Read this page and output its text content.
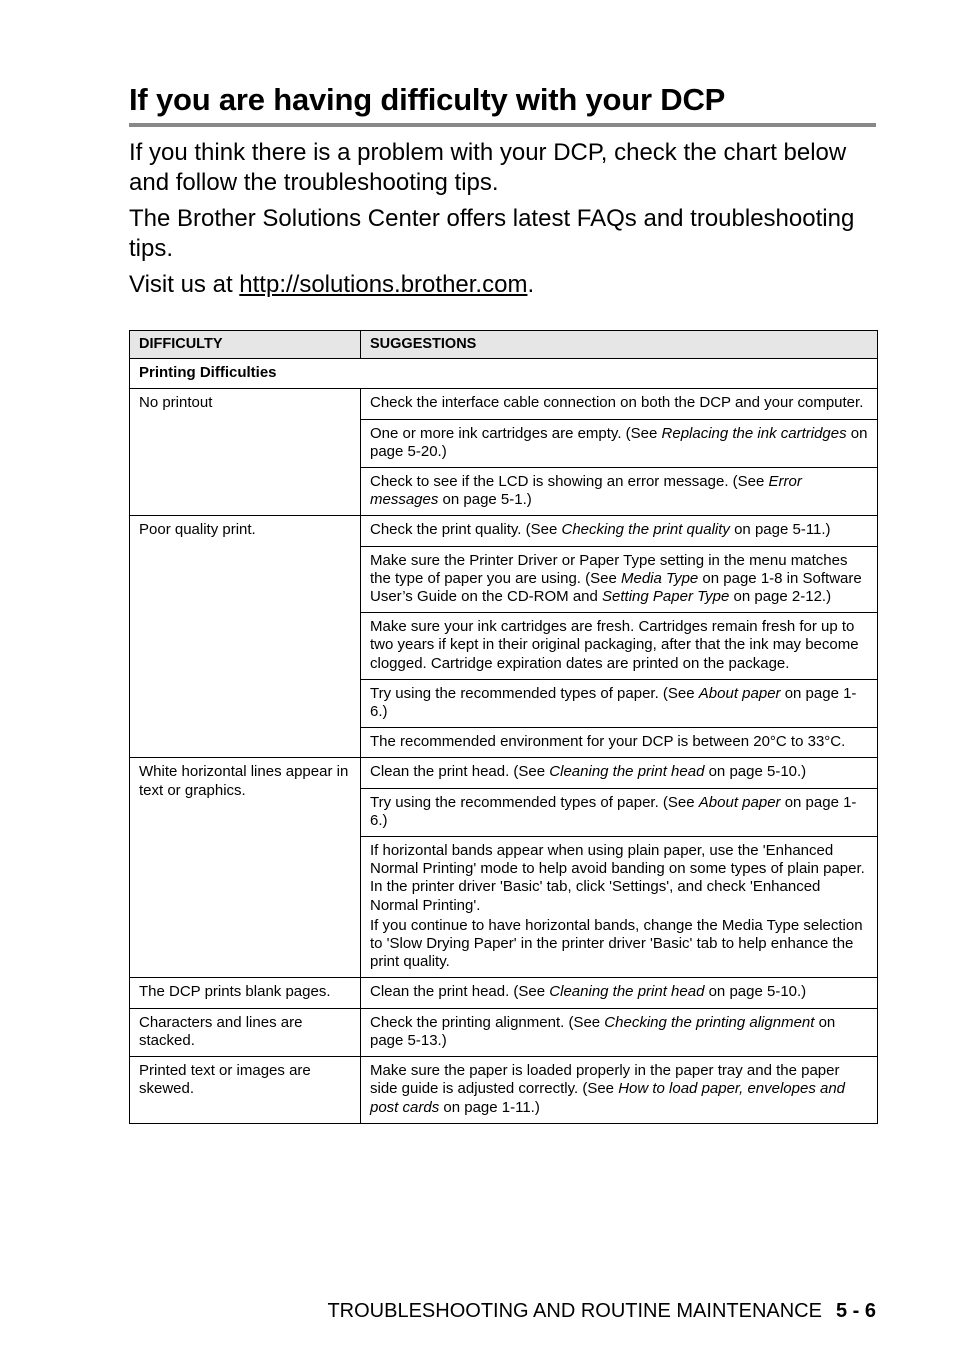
If you are having difficulty with your DCP

If you think there is a problem with your DCP, check the chart below and follow the troubleshooting tips.

The Brother Solutions Center offers latest FAQs and troubleshooting tips.

Visit us at http://solutions.brother.com.

DIFFICULTY	SUGGESTIONS
Printing Difficulties	
No printout	Check the interface cable connection on both the DCP and your computer.
	One or more ink cartridges are empty. (See Replacing the ink cartridges on page 5-20.)
	Check to see if the LCD is showing an error message. (See Error messages on page 5-1.)
Poor quality print.	Check the print quality. (See Checking the print quality on page 5-11.)
	Make sure the Printer Driver or Paper Type setting in the menu matches the type of paper you are using. (See Media Type on page 1-8 in Software User’s Guide on the CD-ROM and Setting Paper Type on page 2-12.)
	Make sure your ink cartridges are fresh. Cartridges remain fresh for up to two years if kept in their original packaging, after that the ink may become clogged. Cartridge expiration dates are printed on the package.
	Try using the recommended types of paper. (See About paper on page 1-6.)
	The recommended environment for your DCP is between 20°C to 33°C.
White horizontal lines appear in text or graphics.	Clean the print head. (See Cleaning the print head on page 5-10.)
	Try using the recommended types of paper. (See About paper on page 1-6.)

	If horizontal bands appear when using plain paper, use the 'Enhanced Normal Printing' mode to help avoid banding on some types of plain paper. In the printer driver 'Basic' tab, click 'Settings', and check 'Enhanced Normal Printing'.

If you continue to have horizontal bands, change the Media Type selection to 'Slow Drying Paper' in the printer driver 'Basic' tab to help enhance the print quality.

The DCP prints blank pages.	Clean the print head. (See Cleaning the print head on page 5-10.)
Characters and lines are stacked.	Check the printing alignment. (See Checking the printing alignment on page 5-13.)
Printed text or images are skewed.	Make sure the paper is loaded properly in the paper tray and the paper side guide is adjusted correctly. (See How to load paper, envelopes and post cards on page 1-11.)
TROUBLESHOOTING AND ROUTINE MAINTENANCE 5 - 6
